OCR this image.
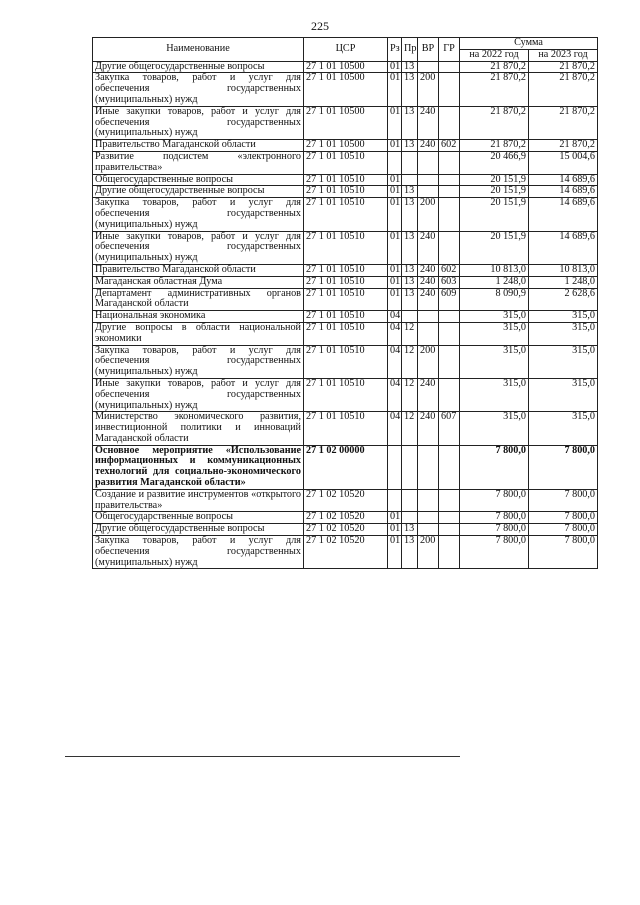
225
Наименование	ЦСР	Рз	Пр	ВР	ГР	Сумма	
						на 2022 год	на 2023 год
Другие общегосударственные вопросы	27 1 01 10500	01	13			21 870,2	21 870,2
Закупка товаров, работ и услуг для обеспечения государственных (муниципальных) нужд	27 1 01 10500	01	13	200		21 870,2	21 870,2
Иные закупки товаров, работ и услуг для обеспечения государственных (муниципальных) нужд	27 1 01 10500	01	13	240		21 870,2	21 870,2
Правительство Магаданской области	27 1 01 10500	01	13	240	602	21 870,2	21 870,2
Развитие подсистем «электронного правительства»	27 1 01 10510					20 466,9	15 004,6
Общегосударственные вопросы	27 1 01 10510	01				20 151,9	14 689,6
Другие общегосударственные вопросы	27 1 01 10510	01	13			20 151,9	14 689,6
Закупка товаров, работ и услуг для обеспечения государственных (муниципальных) нужд	27 1 01 10510	01	13	200		20 151,9	14 689,6
Иные закупки товаров, работ и услуг для обеспечения государственных (муниципальных) нужд	27 1 01 10510	01	13	240		20 151,9	14 689,6
Правительство Магаданской области	27 1 01 10510	01	13	240	602	10 813,0	10 813,0
Магаданская областная Дума	27 1 01 10510	01	13	240	603	1 248,0	1 248,0
Департамент административных органов Магаданской области	27 1 01 10510	01	13	240	609	8 090,9	2 628,6
Национальная экономика	27 1 01 10510	04				315,0	315,0
Другие вопросы в области национальной экономики	27 1 01 10510	04	12			315,0	315,0
Закупка товаров, работ и услуг для обеспечения государственных (муниципальных) нужд	27 1 01 10510	04	12	200		315,0	315,0
Иные закупки товаров, работ и услуг для обеспечения государственных (муниципальных) нужд	27 1 01 10510	04	12	240		315,0	315,0
Министерство экономического развития, инвестиционной политики и инноваций Магаданской области	27 1 01 10510	04	12	240	607	315,0	315,0
Основное мероприятие «Использование информационных и коммуникационных технологий для социально-экономического развития Магаданской области»	27 1 02 00000					7 800,0	7 800,0
Создание и развитие инструментов «открытого правительства»	27 1 02 10520					7 800,0	7 800,0
Общегосударственные вопросы	27 1 02 10520	01				7 800,0	7 800,0
Другие общегосударственные вопросы	27 1 02 10520	01	13			7 800,0	7 800,0
Закупка товаров, работ и услуг для обеспечения государственных (муниципальных) нужд	27 1 02 10520	01	13	200		7 800,0	7 800,0
